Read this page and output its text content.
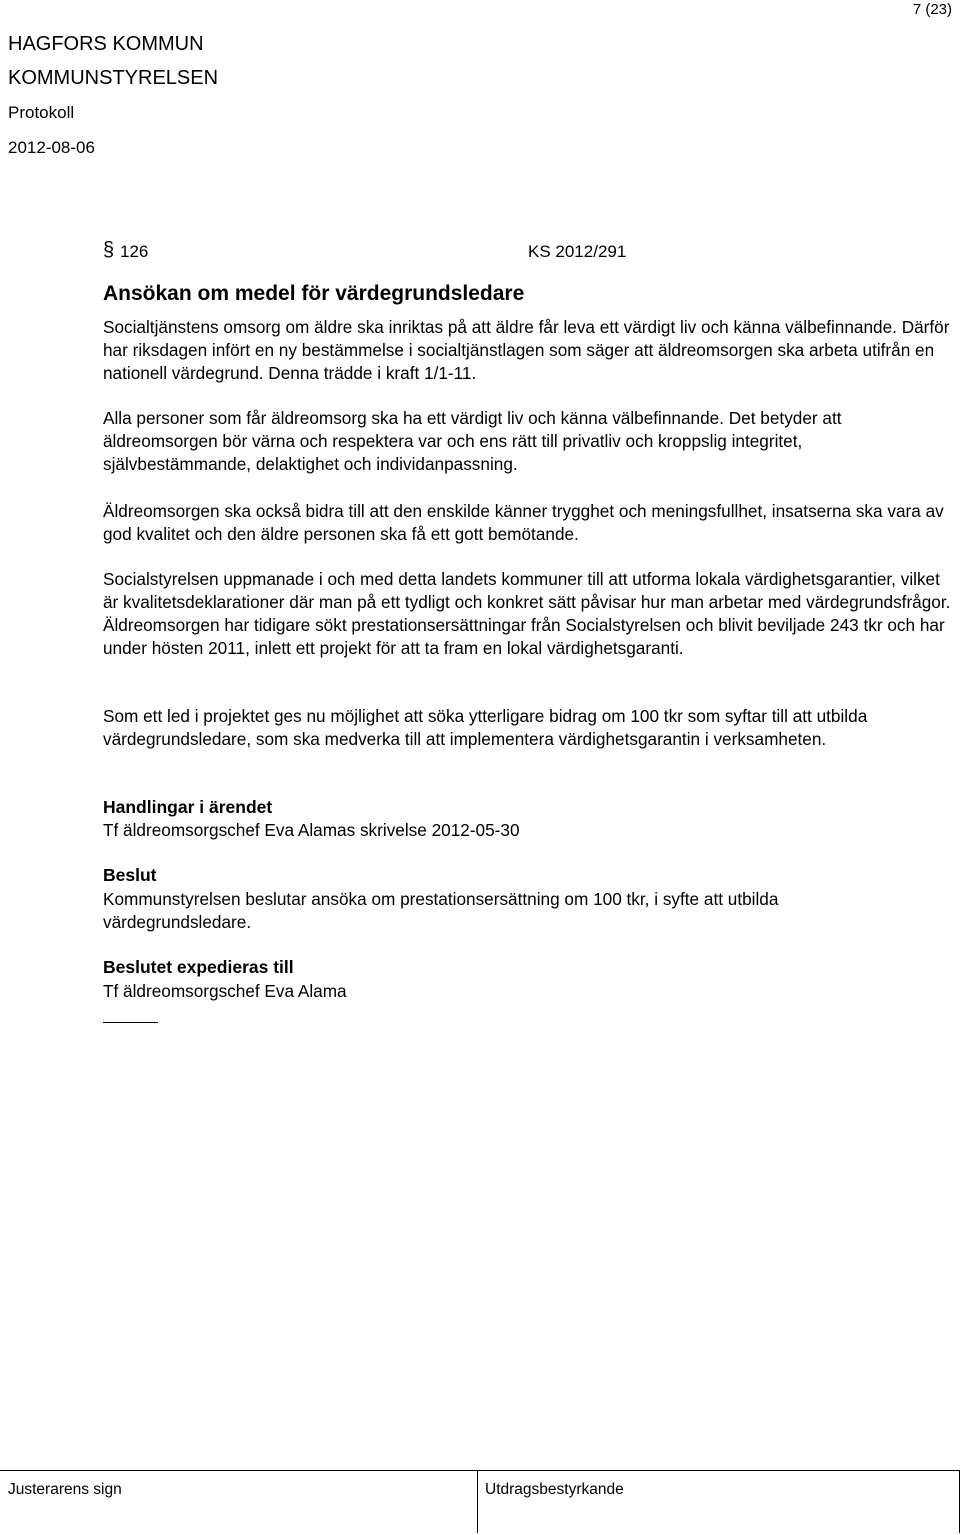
7 (23)
HAGFORS KOMMUN
KOMMUNSTYRELSEN
Protokoll
2012-08-06
§ 126	KS 2012/291
Ansökan om medel för värdegrundsledare

Socialtjänstens omsorg om äldre ska inriktas på att äldre får leva ett värdigt liv och känna välbefinnande. Därför har riksdagen infört en ny bestämmelse i socialtjänstlagen som säger att äldreomsorgen ska arbeta utifrån en nationell värdegrund. Denna trädde i kraft 1/1-11.

Alla personer som får äldreomsorg ska ha ett värdigt liv och känna välbefinnande. Det betyder att äldreomsorgen bör värna och respektera var och ens rätt till privatliv och kroppslig integritet, självbestämmande, delaktighet och individanpassning.

Äldreomsorgen ska också bidra till att den enskilde känner trygghet och meningsfullhet, insatserna ska vara av god kvalitet och den äldre personen ska få ett gott bemötande.

Socialstyrelsen uppmanade i och med detta landets kommuner till att utforma lokala värdighetsgarantier, vilket är kvalitetsdeklarationer där man på ett tydligt och konkret sätt påvisar hur man arbetar med värdegrundsfrågor. Äldreomsorgen har tidigare sökt prestationsersättningar från Socialstyrelsen och blivit beviljade 243 tkr och har under hösten 2011, inlett ett projekt för att ta fram en lokal värdighetsgaranti.

Som ett led i projektet ges nu möjlighet att söka ytterligare bidrag om 100 tkr som syftar till att utbilda värdegrundsledare, som ska medverka till att implementera värdighetsgarantin i verksamheten.

Handlingar i ärendet

Tf äldreomsorgschef Eva Alamas skrivelse 2012-05-30

Beslut

Kommunstyrelsen beslutar ansöka om prestationsersättning om 100 tkr, i syfte att utbilda värdegrundsledare.

Beslutet expedieras till

Tf äldreomsorgschef Eva Alama

Justerarens sign	Utdragsbestyrkande
